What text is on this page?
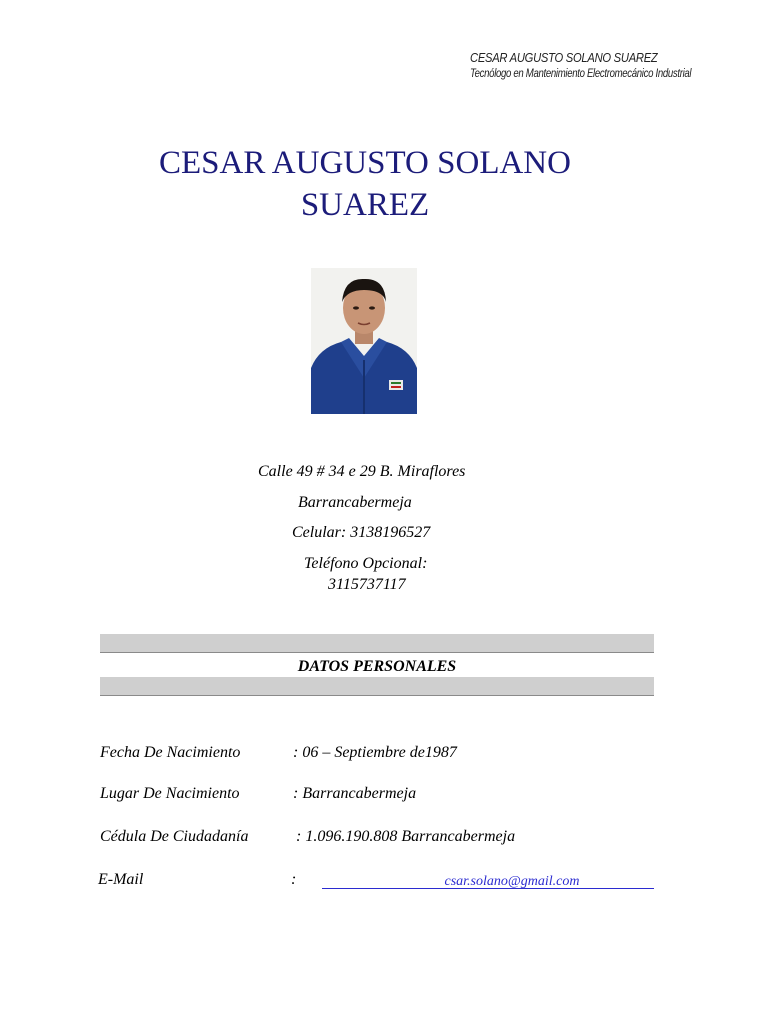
CESAR AUGUSTO SOLANO SUAREZ
Tecnólogo en Mantenimiento Electromecánico Industrial
CESAR AUGUSTO SOLANO
SUAREZ
Calle 49 # 34 e 29 B. Miraflores
Barrancabermeja
Celular: 3138196527
Teléfono Opcional:
3115737117
DATOS PERSONALES
Fecha De Nacimiento	: 06 – Septiembre de1987
Lugar De Nacimiento	: Barrancabermeja
Cédula De Ciudadanía	: 1.096.190.808 Barrancabermeja
E-Mail	:	csar.solano@gmail.com
